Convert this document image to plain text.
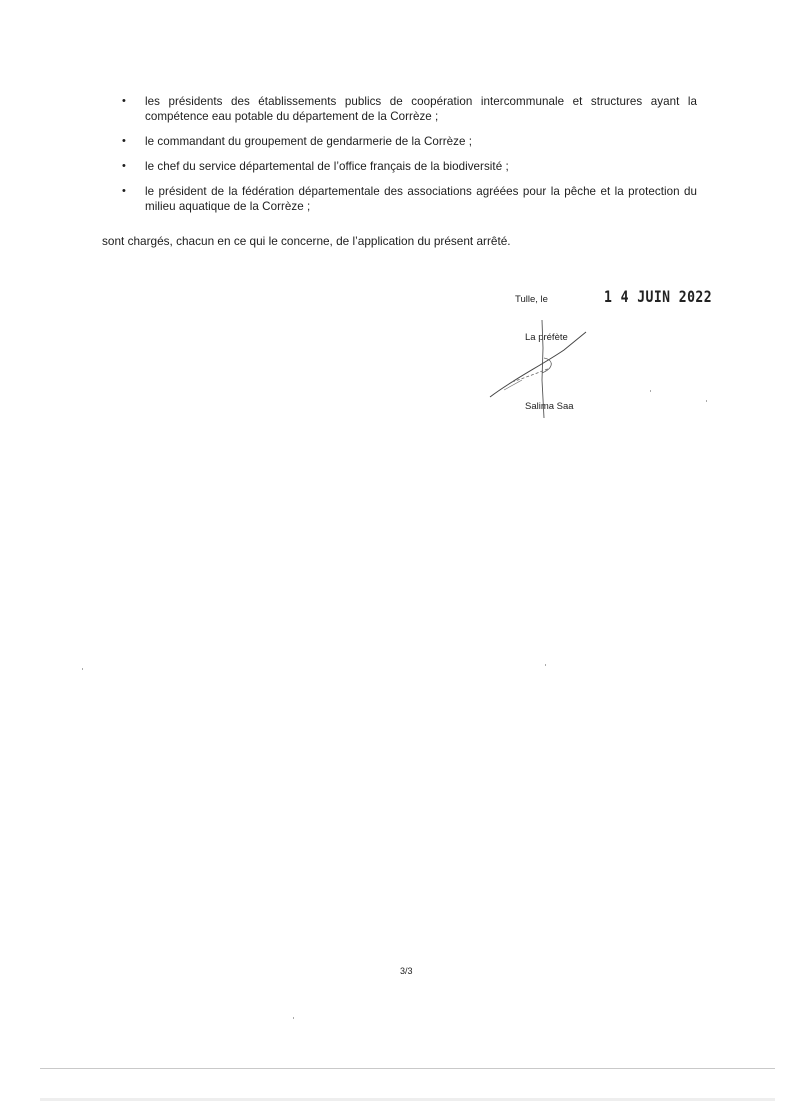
• les présidents des établissements publics de coopération intercommunale et structures ayant la compétence eau potable du département de la Corrèze ;
• le commandant du groupement de gendarmerie de la Corrèze ;
• le chef du service départemental de l’office français de la biodiversité ;
• le président de la fédération départementale des associations agréées pour la pêche et la protection du milieu aquatique de la Corrèze ;

sont chargés, chacun en ce qui le concerne, de l’application du présent arrêté.

Tulle, le	1 4 JUIN 2022

La préfète

Salima Saa

3/3
